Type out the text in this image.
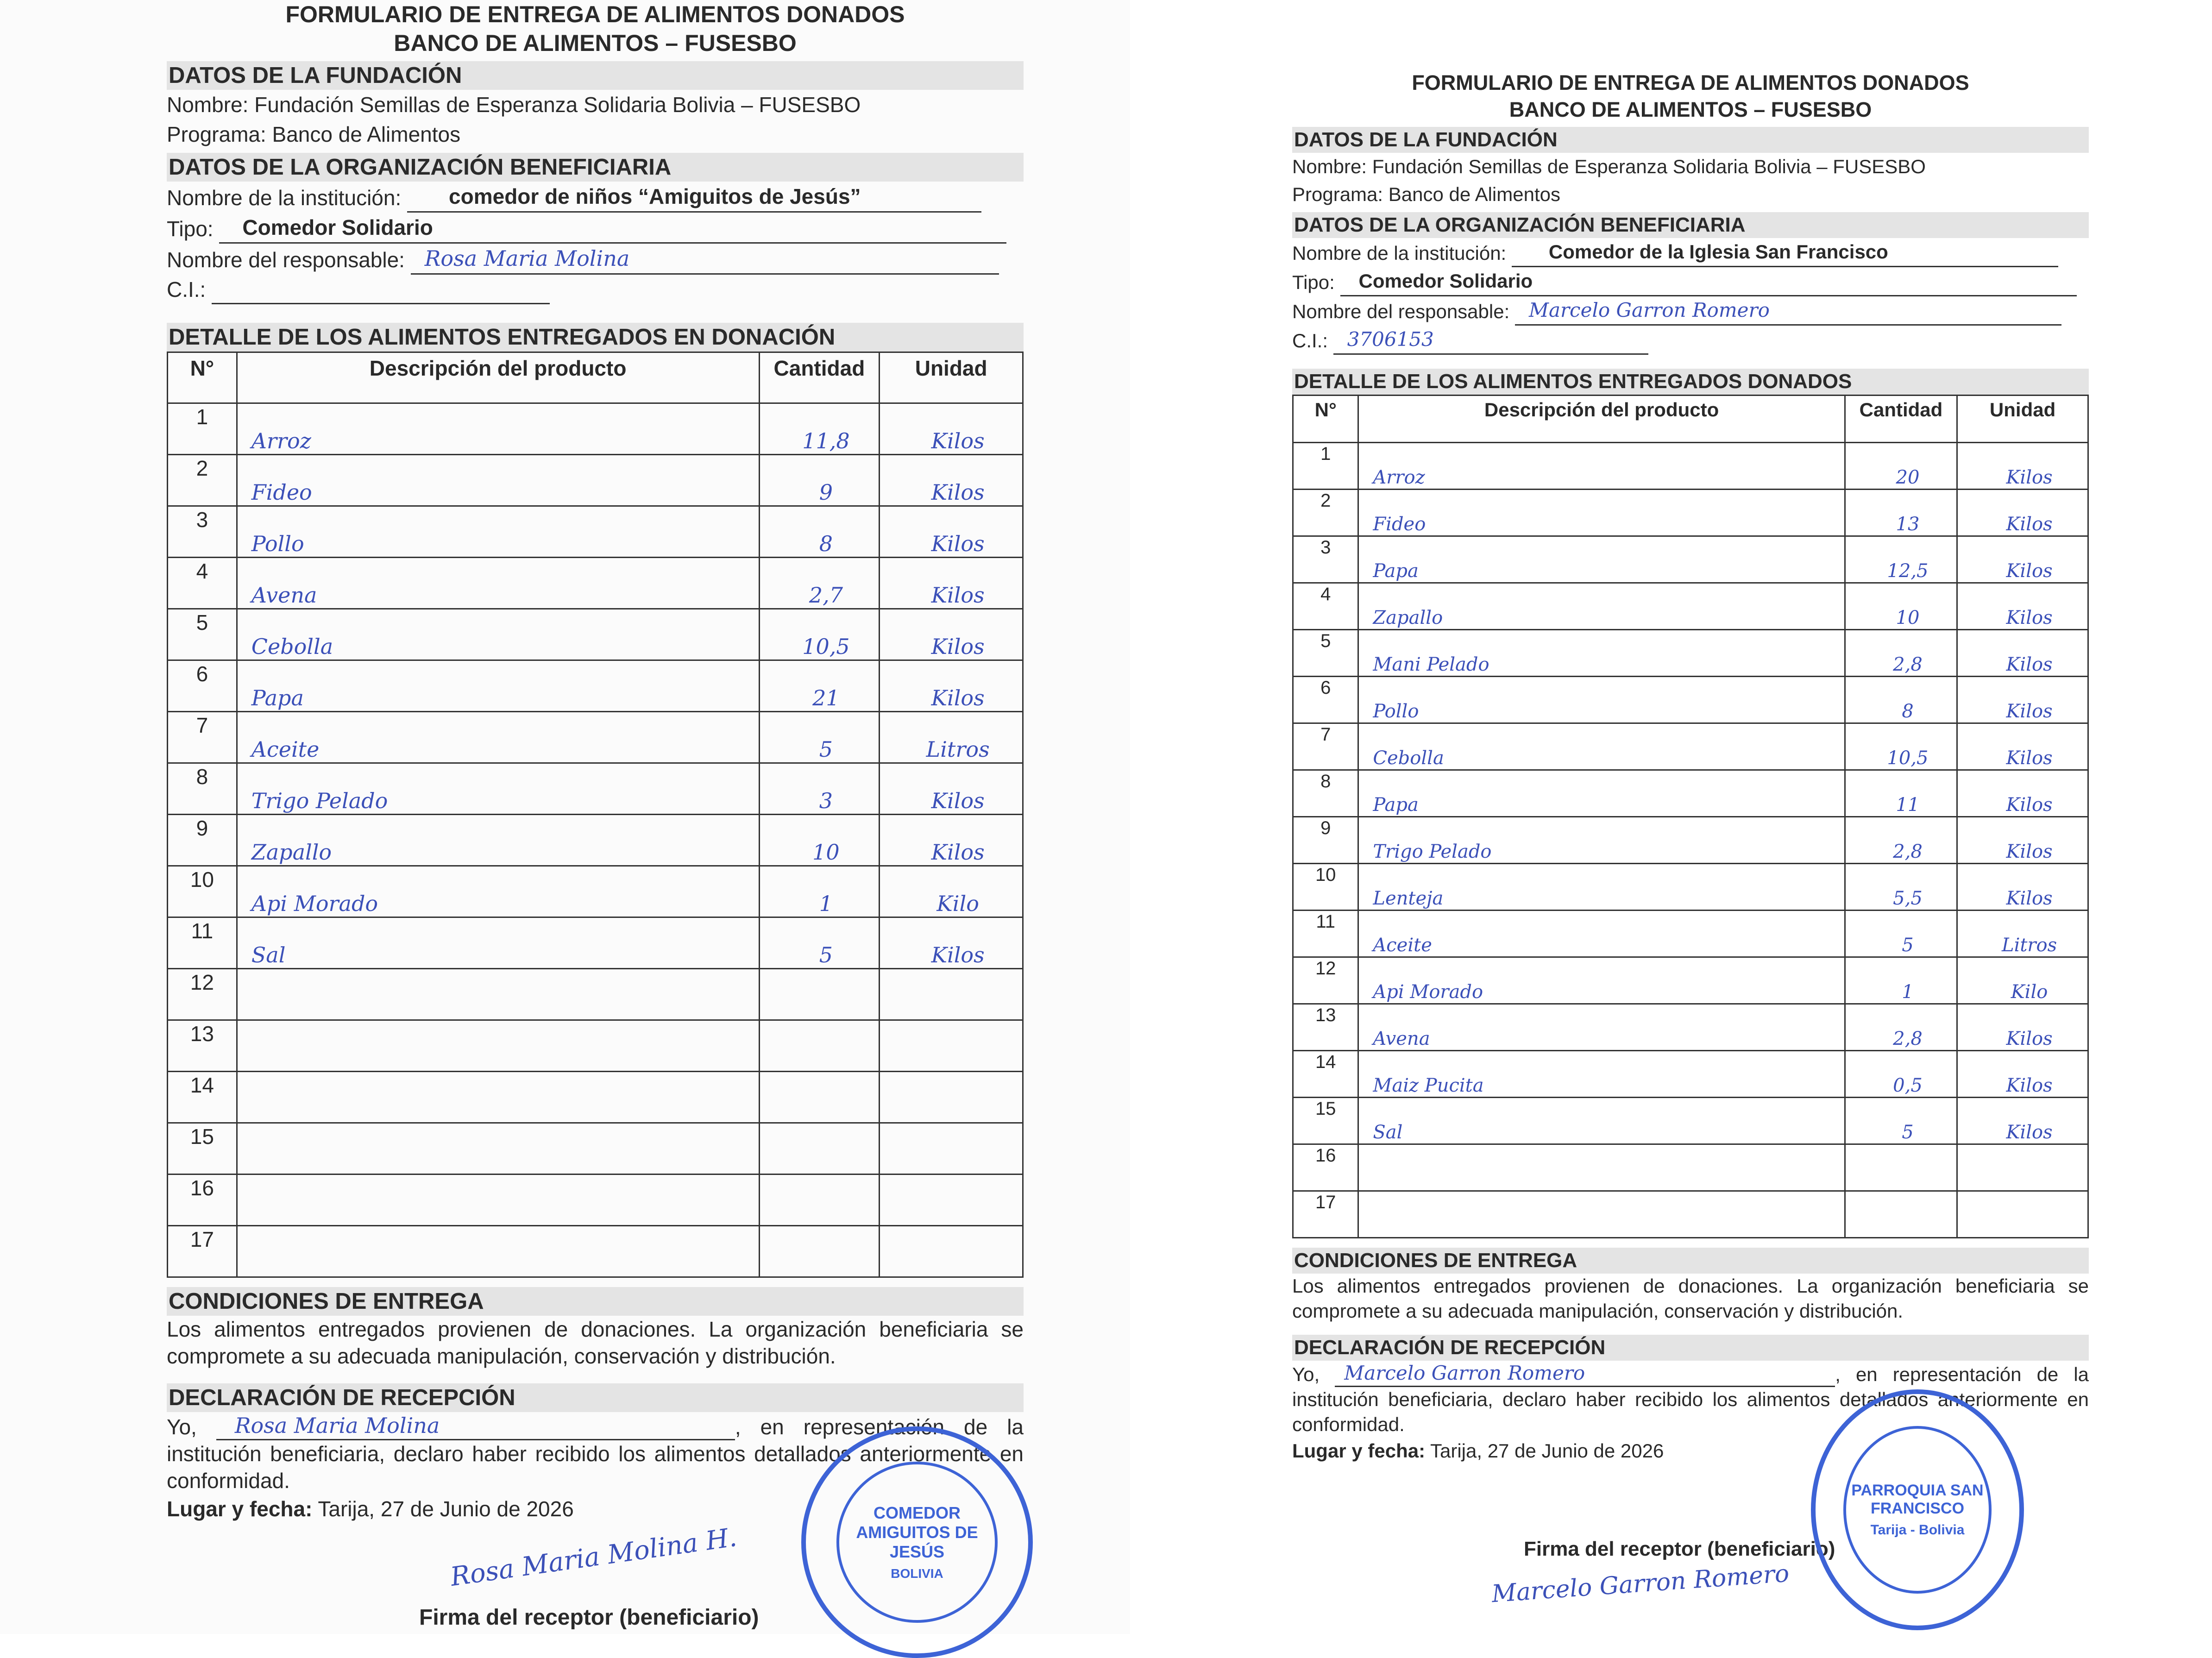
FORMULARIO DE ENTREGA DE ALIMENTOS DONADOS
BANCO DE ALIMENTOS – FUSESBO
DATOS DE LA FUNDACIÓN
Nombre: Fundación Semillas de Esperanza Solidaria Bolivia – FUSESBO
Programa: Banco de Alimentos
DATOS DE LA ORGANIZACIÓN BENEFICIARIA
Nombre de la institución: comedor de niños “Amiguitos de Jesús”
Tipo: Comedor Solidario
Nombre del responsable: Rosa Maria Molina
C.I.:
DETALLE DE LOS ALIMENTOS ENTREGADOS EN DONACIÓN
N°	Descripción del producto	Cantidad	Unidad
1	Arroz	11,8	Kilos
2	Fideo	9	Kilos
3	Pollo	8	Kilos
4	Avena	2,7	Kilos
5	Cebolla	10,5	Kilos
6	Papa	21	Kilos
7	Aceite	5	Litros
8	Trigo Pelado	3	Kilos
9	Zapallo	10	Kilos
10	Api Morado	1	Kilo
11	Sal	5	Kilos
12			
13			
14			
15			
16			
17			
CONDICIONES DE ENTREGA
Los alimentos entregados provienen de donaciones. La organización beneficiaria se compromete a su adecuada manipulación, conservación y distribución.
DECLARACIÓN DE RECEPCIÓN
Yo, Rosa Maria Molina	, en representación de la institución beneficiaria, declaro haber recibido los alimentos detallados anteriormente en conformidad.
Lugar y fecha: Tarija, 27 de Junio de 2026
Rosa Maria Molina H.
Firma del receptor (beneficiario)
COMEDOR AMIGUITOS DE JESÚS
BOLIVIA
FORMULARIO DE ENTREGA DE ALIMENTOS DONADOS
BANCO DE ALIMENTOS – FUSESBO
DATOS DE LA FUNDACIÓN
Nombre: Fundación Semillas de Esperanza Solidaria Bolivia – FUSESBO
Programa: Banco de Alimentos
DATOS DE LA ORGANIZACIÓN BENEFICIARIA
Nombre de la institución: Comedor de la Iglesia San Francisco
Tipo: Comedor Solidario
Nombre del responsable: Marcelo Garron Romero
C.I.: 3706153
DETALLE DE LOS ALIMENTOS ENTREGADOS DONADOS
N°	Descripción del producto	Cantidad	Unidad
1	Arroz	20	Kilos
2	Fideo	13	Kilos
3	Papa	12,5	Kilos
4	Zapallo	10	Kilos
5	Mani Pelado	2,8	Kilos
6	Pollo	8	Kilos
7	Cebolla	10,5	Kilos
8	Papa	11	Kilos
9	Trigo Pelado	2,8	Kilos
10	Lenteja	5,5	Kilos
11	Aceite	5	Litros
12	Api Morado	1	Kilo
13	Avena	2,8	Kilos
14	Maiz Pucita	0,5	Kilos
15	Sal	5	Kilos
16			
17			
CONDICIONES DE ENTREGA
Los alimentos entregados provienen de donaciones. La organización beneficiaria se compromete a su adecuada manipulación, conservación y distribución.
DECLARACIÓN DE RECEPCIÓN
Yo, Marcelo Garron Romero	, en representación de la institución beneficiaria, declaro haber recibido los alimentos detallados anteriormente en conformidad.
Lugar y fecha: Tarija, 27 de Junio de 2026
Firma del receptor (beneficiario)
Marcelo Garron Romero
PARROQUIA SAN FRANCISCO
Tarija - Bolivia
